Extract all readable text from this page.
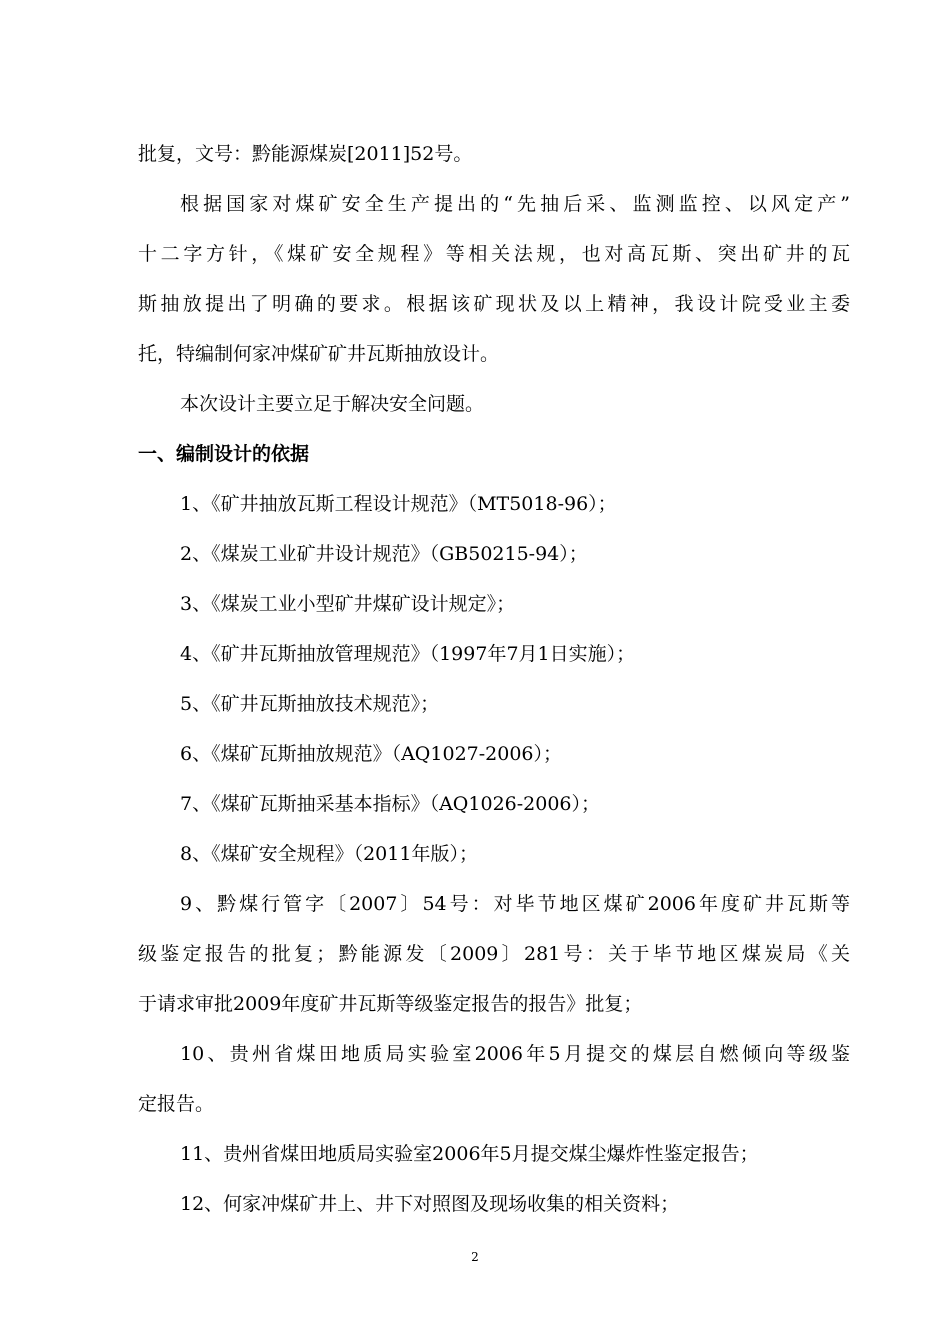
批复，文号：黔能源煤炭[2011]52号。
根据国家对煤矿安全生产提出的“先抽后采、监测监控、以风定产”
十二字方针，《煤矿安全规程》等相关法规，也对高瓦斯、突出矿井的瓦
斯抽放提出了明确的要求。根据该矿现状及以上精神，我设计院受业主委
托，特编制何家冲煤矿矿井瓦斯抽放设计。
本次设计主要立足于解决安全问题。
一、编制设计的依据
1、《矿井抽放瓦斯工程设计规范》（MT5018-96）；
2、《煤炭工业矿井设计规范》（GB50215-94）；
3、《煤炭工业小型矿井煤矿设计规定》；
4、《矿井瓦斯抽放管理规范》（1997年7月1日实施）；
5、《矿井瓦斯抽放技术规范》；
6、《煤矿瓦斯抽放规范》（AQ1027-2006）；
7、《煤矿瓦斯抽采基本指标》（AQ1026-2006）；
8、《煤矿安全规程》（2011年版）；
9、黔煤行管字〔2007〕54号：对毕节地区煤矿2006年度矿井瓦斯等
级鉴定报告的批复；黔能源发〔2009〕281号：关于毕节地区煤炭局《关
于请求审批2009年度矿井瓦斯等级鉴定报告的报告》批复；
10、贵州省煤田地质局实验室2006年5月提交的煤层自燃倾向等级鉴
定报告。
11、贵州省煤田地质局实验室2006年5月提交煤尘爆炸性鉴定报告；
12、何家冲煤矿井上、井下对照图及现场收集的相关资料；
2
